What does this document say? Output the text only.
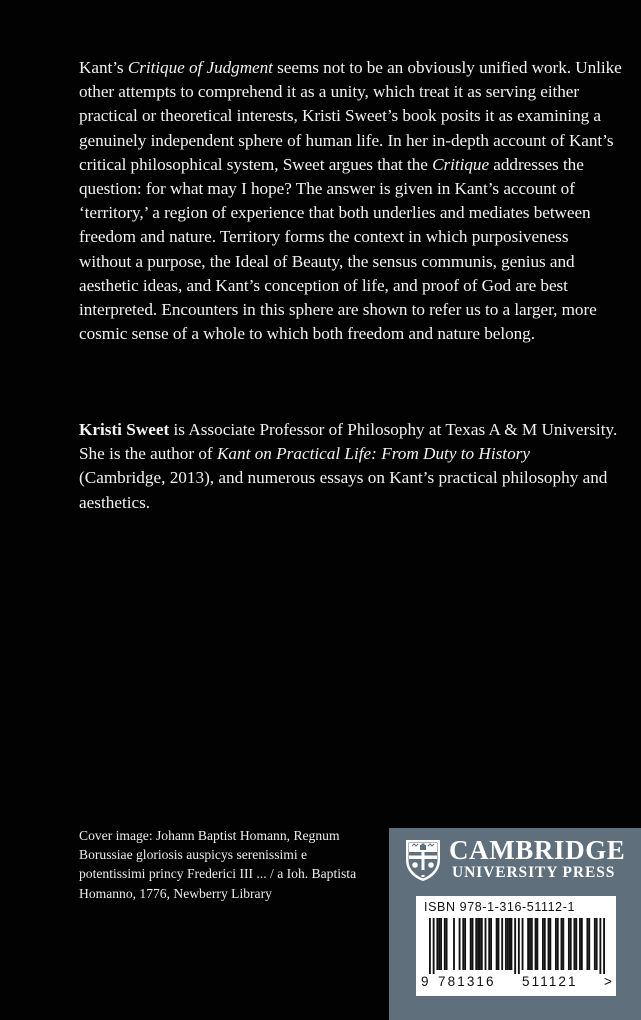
Kant’s Critique of Judgment seems not to be an obviously unified work. Unlike other attempts to comprehend it as a unity, which treat it as serving either practical or theoretical interests, Kristi Sweet’s book posits it as examining a genuinely independent sphere of human life. In her in-depth account of Kant’s critical philosophical system, Sweet argues that the Critique addresses the question: for what may I hope? The answer is given in Kant’s account of ‘territory,’ a region of experience that both underlies and mediates between freedom and nature. Territory forms the context in which purposiveness without a purpose, the Ideal of Beauty, the sensus communis, genius and aesthetic ideas, and Kant’s conception of life, and proof of God are best interpreted. Encounters in this sphere are shown to refer us to a larger, more cosmic sense of a whole to which both freedom and nature belong.

Kristi Sweet is Associate Professor of Philosophy at Texas A & M University. She is the author of Kant on Practical Life: From Duty to History (Cambridge, 2013), and numerous essays on Kant’s practical philosophy and aesthetics.

Cover image: Johann Baptist Homann, Regnum Borussiae gloriosis auspicys serenissimi e potentissimi princy Frederici III ... / a Ioh. Baptista Homanno, 1776, Newberry Library

CAMBRIDGE
UNIVERSITY PRESS
ISBN 978-1-316-51112-1
9 781316 511121 >
